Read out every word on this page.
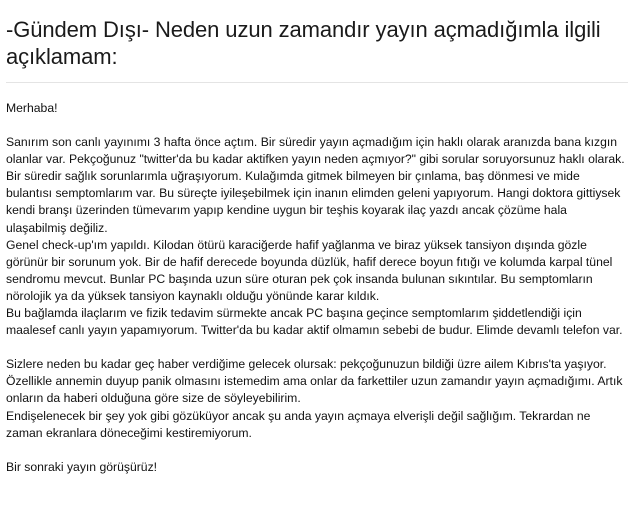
-Gündem Dışı- Neden uzun zamandır yayın açmadığımla ilgili açıklamam:

Merhaba!

Sanırım son canlı yayınımı 3 hafta önce açtım. Bir süredir yayın açmadığım için haklı olarak aranızda bana kızgın olanlar var. Pekçoğunuz "twitter'da bu kadar aktifken yayın neden açmıyor?" gibi sorular soruyorsunuz haklı olarak.

Bir süredir sağlık sorunlarımla uğraşıyorum. Kulağımda gitmek bilmeyen bir çınlama, baş dönmesi ve mide bulantısı semptomlarım var. Bu süreçte iyileşebilmek için inanın elimden geleni yapıyorum. Hangi doktora gittiysek kendi branşı üzerinden tümevarım yapıp kendine uygun bir teşhis koyarak ilaç yazdı ancak çözüme hala ulaşabilmiş değiliz.

Genel check-up'ım yapıldı. Kilodan ötürü karaciğerde hafif yağlanma ve biraz yüksek tansiyon dışında gözle görünür bir sorunum yok. Bir de hafif derecede boyunda düzlük, hafif derece boyun fıtığı ve kolumda karpal tünel sendromu mevcut. Bunlar PC başında uzun süre oturan pek çok insanda bulunan sıkıntılar. Bu semptomların nörolojik ya da yüksek tansiyon kaynaklı olduğu yönünde karar kıldık.

Bu bağlamda ilaçlarım ve fizik tedavim sürmekte ancak PC başına geçince semptomlarım şiddetlendiği için maalesef canlı yayın yapamıyorum. Twitter'da bu kadar aktif olmamın sebebi de budur. Elimde devamlı telefon var.

Sizlere neden bu kadar geç haber verdiğime gelecek olursak: pekçoğunuzun bildiği üzre ailem Kıbrıs'ta yaşıyor. Özellikle annemin duyup panik olmasını istemedim ama onlar da farkettiler uzun zamandır yayın açmadığımı. Artık onların da haberi olduğuna göre size de söyleyebilirim.

Endişelenecek bir şey yok gibi gözüküyor ancak şu anda yayın açmaya elverişli değil sağlığım. Tekrardan ne zaman ekranlara döneceğimi kestiremiyorum.

Bir sonraki yayın görüşürüz!
